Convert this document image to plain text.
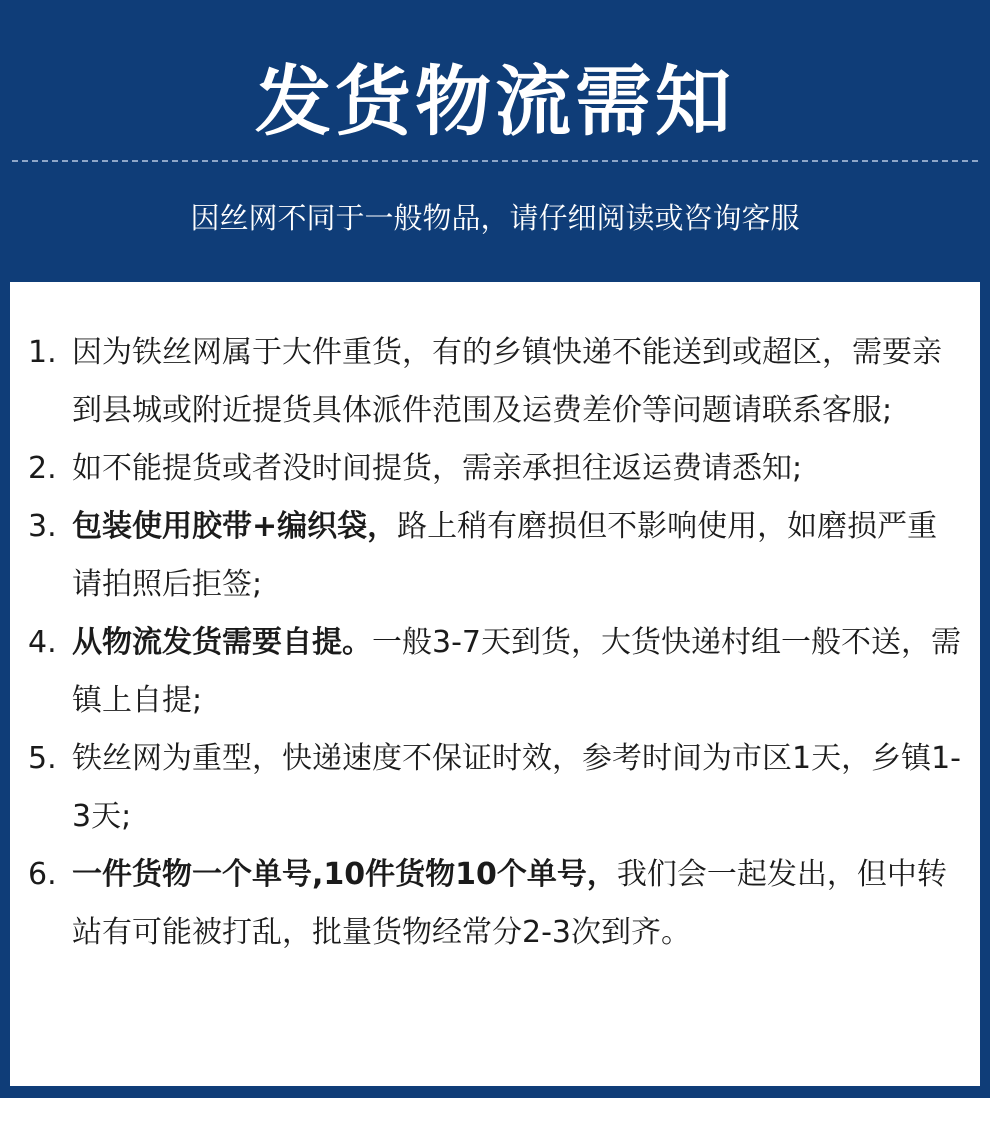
发货物流需知
因丝网不同于一般物品，请仔细阅读或咨询客服
1. 因为铁丝网属于大件重货，有的乡镇快递不能送到或超区，需要亲到县城或附近提货具体派件范围及运费差价等问题请联系客服;
2. 如不能提货或者没时间提货，需亲承担往返运费请悉知;
3. 包装使用胶带+编织袋，路上稍有磨损但不影响使用，如磨损严重请拍照后拒签;
4. 从物流发货需要自提。一般3-7天到货，大货快递村组一般不送，需镇上自提;
5. 铁丝网为重型，快递速度不保证时效，参考时间为市区1天，乡镇1-3天;
6. 一件货物一个单号,10件货物10个单号，我们会一起发出，但中转站有可能被打乱，批量货物经常分2-3次到齐。
